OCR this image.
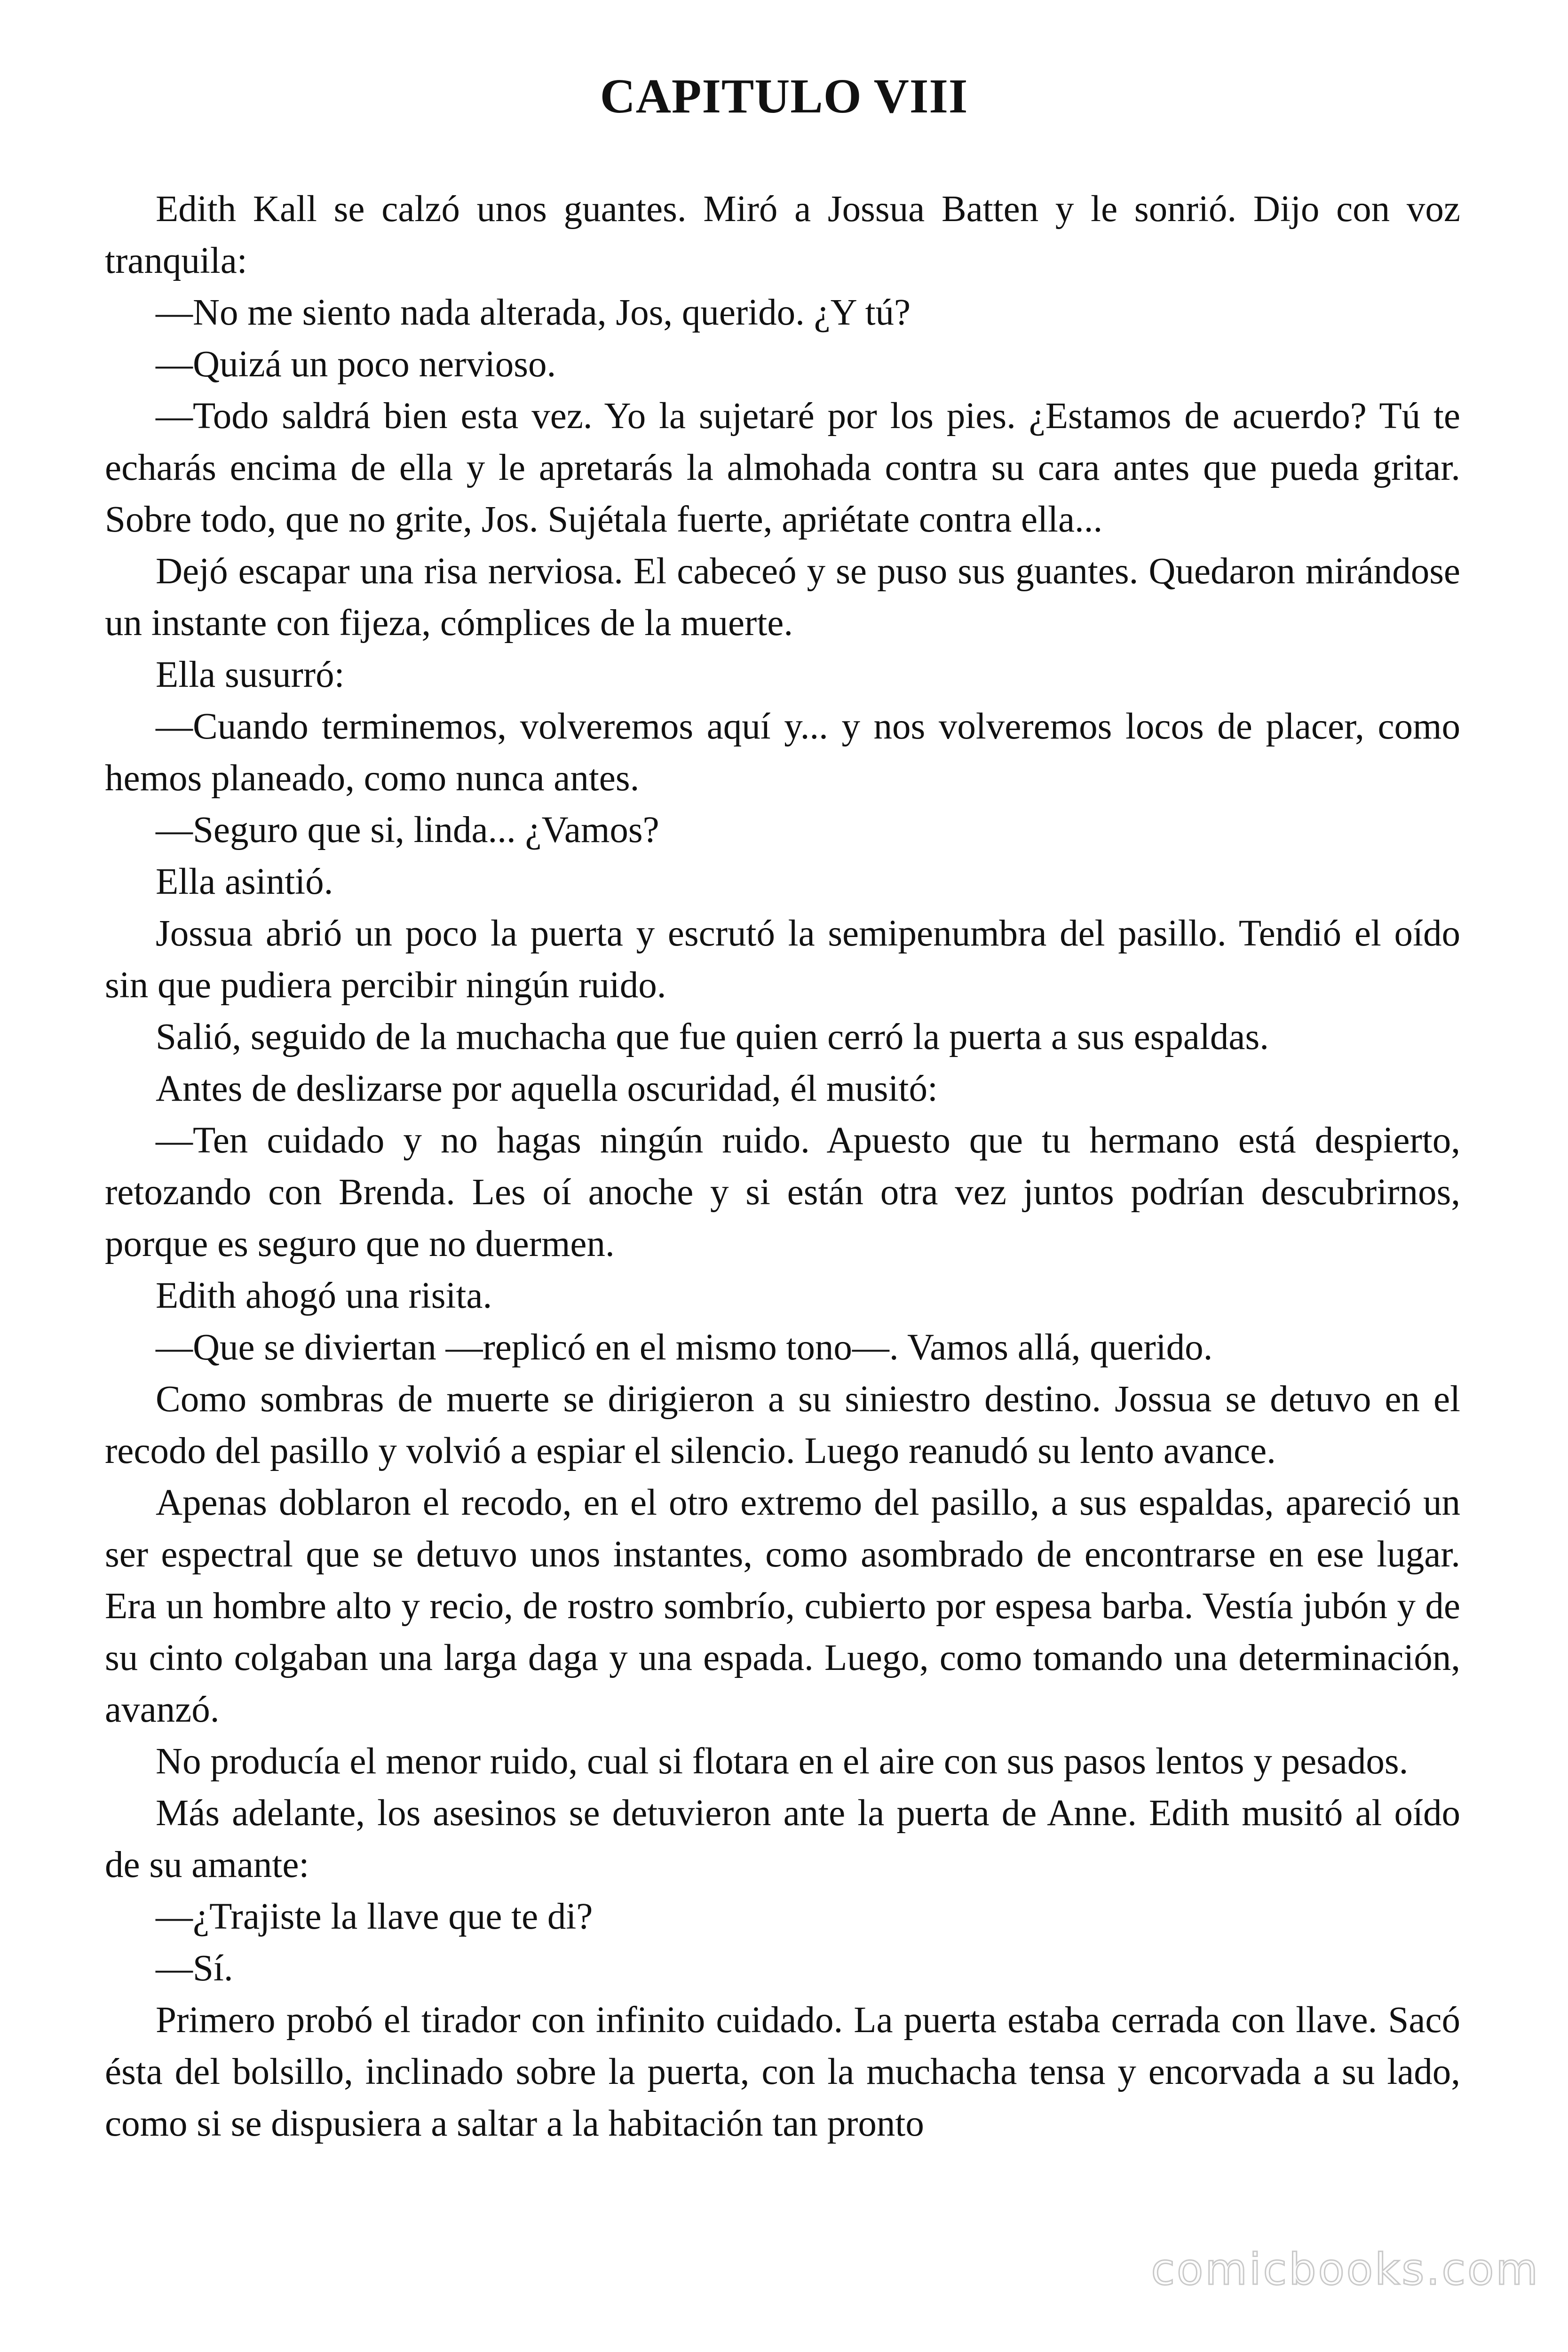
CAPITULO VIII

Edith Kall se calzó unos guantes. Miró a Jossua Batten y le sonrió. Dijo con voz tranquila:

—No me siento nada alterada, Jos, querido. ¿Y tú?

—Quizá un poco nervioso.

—Todo saldrá bien esta vez. Yo la sujetaré por los pies. ¿Estamos de acuerdo? Tú te echarás encima de ella y le apretarás la almohada contra su cara antes que pueda gritar. Sobre todo, que no grite, Jos. Sujétala fuerte, apriétate contra ella...

Dejó escapar una risa nerviosa. El cabeceó y se puso sus guantes. Quedaron mirándose un instante con fijeza, cómplices de la muerte.

Ella susurró:

—Cuando terminemos, volveremos aquí y... y nos volveremos locos de placer, como hemos planeado, como nunca antes.

—Seguro que si, linda... ¿Vamos?

Ella asintió.

Jossua abrió un poco la puerta y escrutó la semipenumbra del pasillo. Tendió el oído sin que pudiera percibir ningún ruido.

Salió, seguido de la muchacha que fue quien cerró la puerta a sus espaldas.

Antes de deslizarse por aquella oscuridad, él musitó:

—Ten cuidado y no hagas ningún ruido. Apuesto que tu hermano está despierto, retozando con Brenda. Les oí anoche y si están otra vez juntos podrían descubrirnos, porque es seguro que no duermen.

Edith ahogó una risita.

—Que se diviertan —replicó en el mismo tono—. Vamos allá, querido.

Como sombras de muerte se dirigieron a su siniestro destino. Jossua se detuvo en el recodo del pasillo y volvió a espiar el silencio. Luego reanudó su lento avance.

Apenas doblaron el recodo, en el otro extremo del pasillo, a sus espaldas, apareció un ser espectral que se detuvo unos instantes, como asombrado de encontrarse en ese lugar. Era un hombre alto y recio, de rostro sombrío, cubierto por espesa barba. Vestía jubón y de su cinto colgaban una larga daga y una espada. Luego, como tomando una determinación, avanzó.

No producía el menor ruido, cual si flotara en el aire con sus pasos lentos y pesados.

Más adelante, los asesinos se detuvieron ante la puerta de Anne. Edith musitó al oído de su amante:

—¿Trajiste la llave que te di?

—Sí.

Primero probó el tirador con infinito cuidado. La puerta estaba cerrada con llave. Sacó ésta del bolsillo, inclinado sobre la puerta, con la muchacha tensa y encorvada a su lado, como si se dispusiera a saltar a la habitación tan pronto

comicbooks.com
